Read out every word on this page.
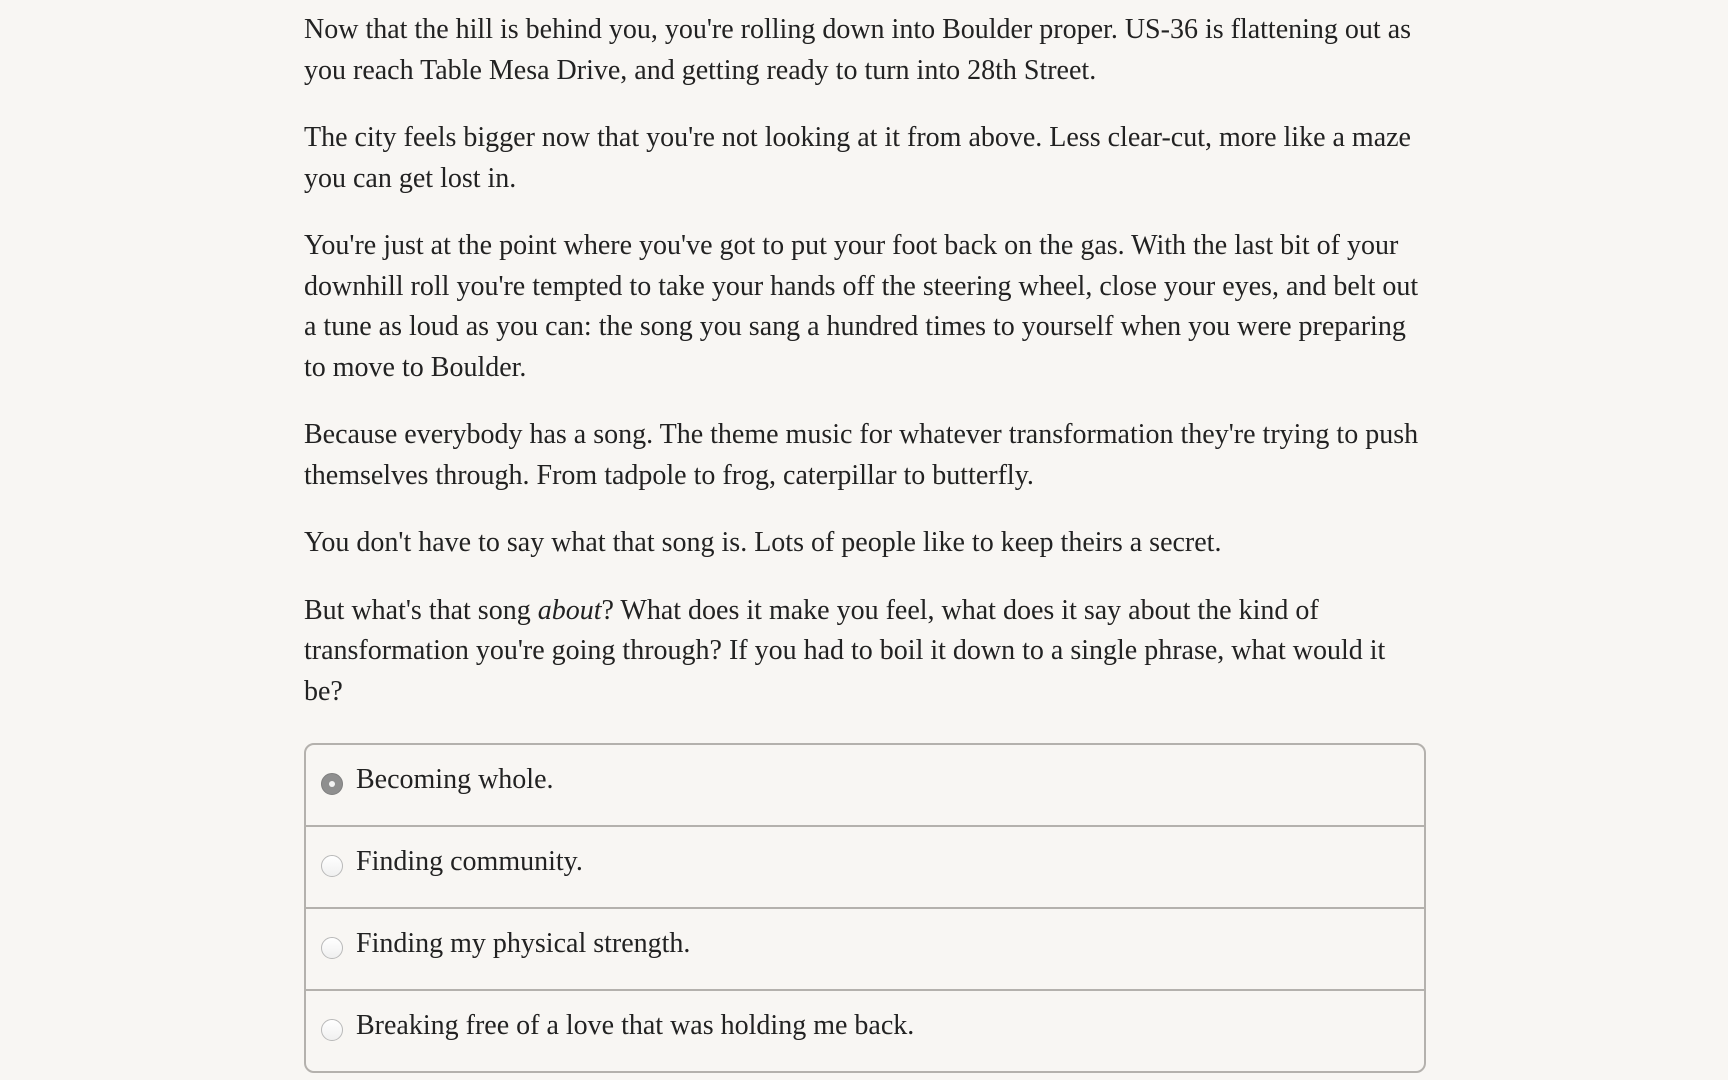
Now that the hill is behind you, you're rolling down into Boulder proper. US-36 is flattening out as you reach Table Mesa Drive, and getting ready to turn into 28th Street.

The city feels bigger now that you're not looking at it from above. Less clear-cut, more like a maze you can get lost in.

You're just at the point where you've got to put your foot back on the gas. With the last bit of your downhill roll you're tempted to take your hands off the steering wheel, close your eyes, and belt out a tune as loud as you can: the song you sang a hundred times to yourself when you were preparing to move to Boulder.

Because everybody has a song. The theme music for whatever transformation they're trying to push themselves through. From tadpole to frog, caterpillar to butterfly.

You don't have to say what that song is. Lots of people like to keep theirs a secret.

But what's that song about? What does it make you feel, what does it say about the kind of transformation you're going through? If you had to boil it down to a single phrase, what would it be?

Becoming whole.
Finding community.
Finding my physical strength.
Breaking free of a love that was holding me back.
